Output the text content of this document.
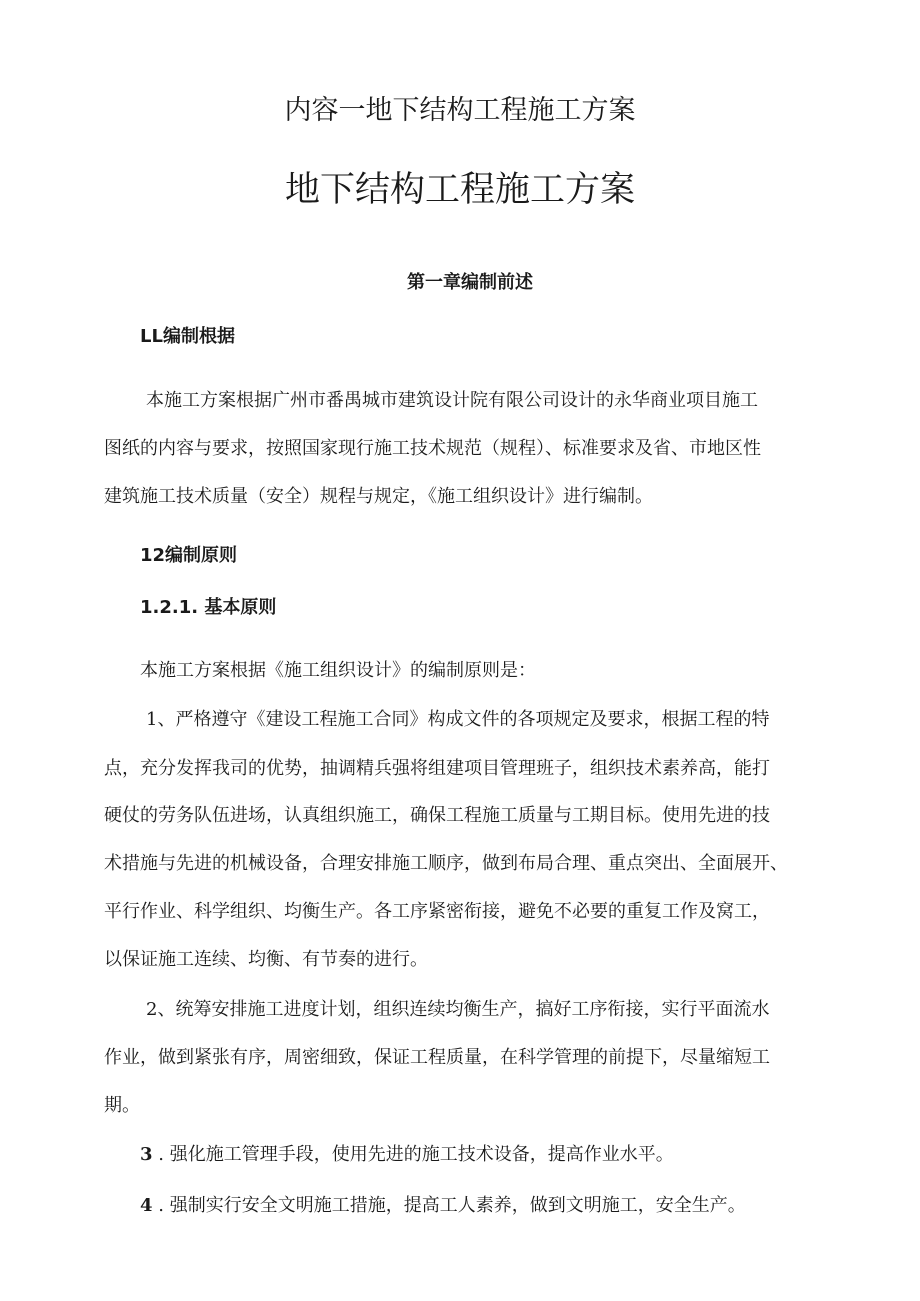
内容一地下结构工程施工方案

地下结构工程施工方案

第一章编制前述

LL编制根据

本施工方案根据广州市番禺城市建筑设计院有限公司设计的永华商业项目施工

图纸的内容与要求，按照国家现行施工技术规范（规程）、标准要求及省、市地区性

建筑施工技术质量（安全）规程与规定，《施工组织设计》进行编制。

12编制原则

1.2.1. 基本原则

本施工方案根据《施工组织设计》的编制原则是：

1、严格遵守《建设工程施工合同》构成文件的各项规定及要求，根据工程的特

点，充分发挥我司的优势，抽调精兵强将组建项目管理班子，组织技术素养高，能打

硬仗的劳务队伍进场，认真组织施工，确保工程施工质量与工期目标。使用先进的技

术措施与先进的机械设备，合理安排施工顺序，做到布局合理、重点突出、全面展开、

平行作业、科学组织、均衡生产。各工序紧密衔接，避免不必要的重复工作及窝工，

以保证施工连续、均衡、有节奏的进行。

2、统筹安排施工进度计划，组织连续均衡生产，搞好工序衔接，实行平面流水

作业，做到紧张有序，周密细致，保证工程质量，在科学管理的前提下，尽量缩短工

期。

3 . 强化施工管理手段，使用先进的施工技术设备，提高作业水平。

4 . 强制实行安全文明施工措施，提高工人素养，做到文明施工，安全生产。
